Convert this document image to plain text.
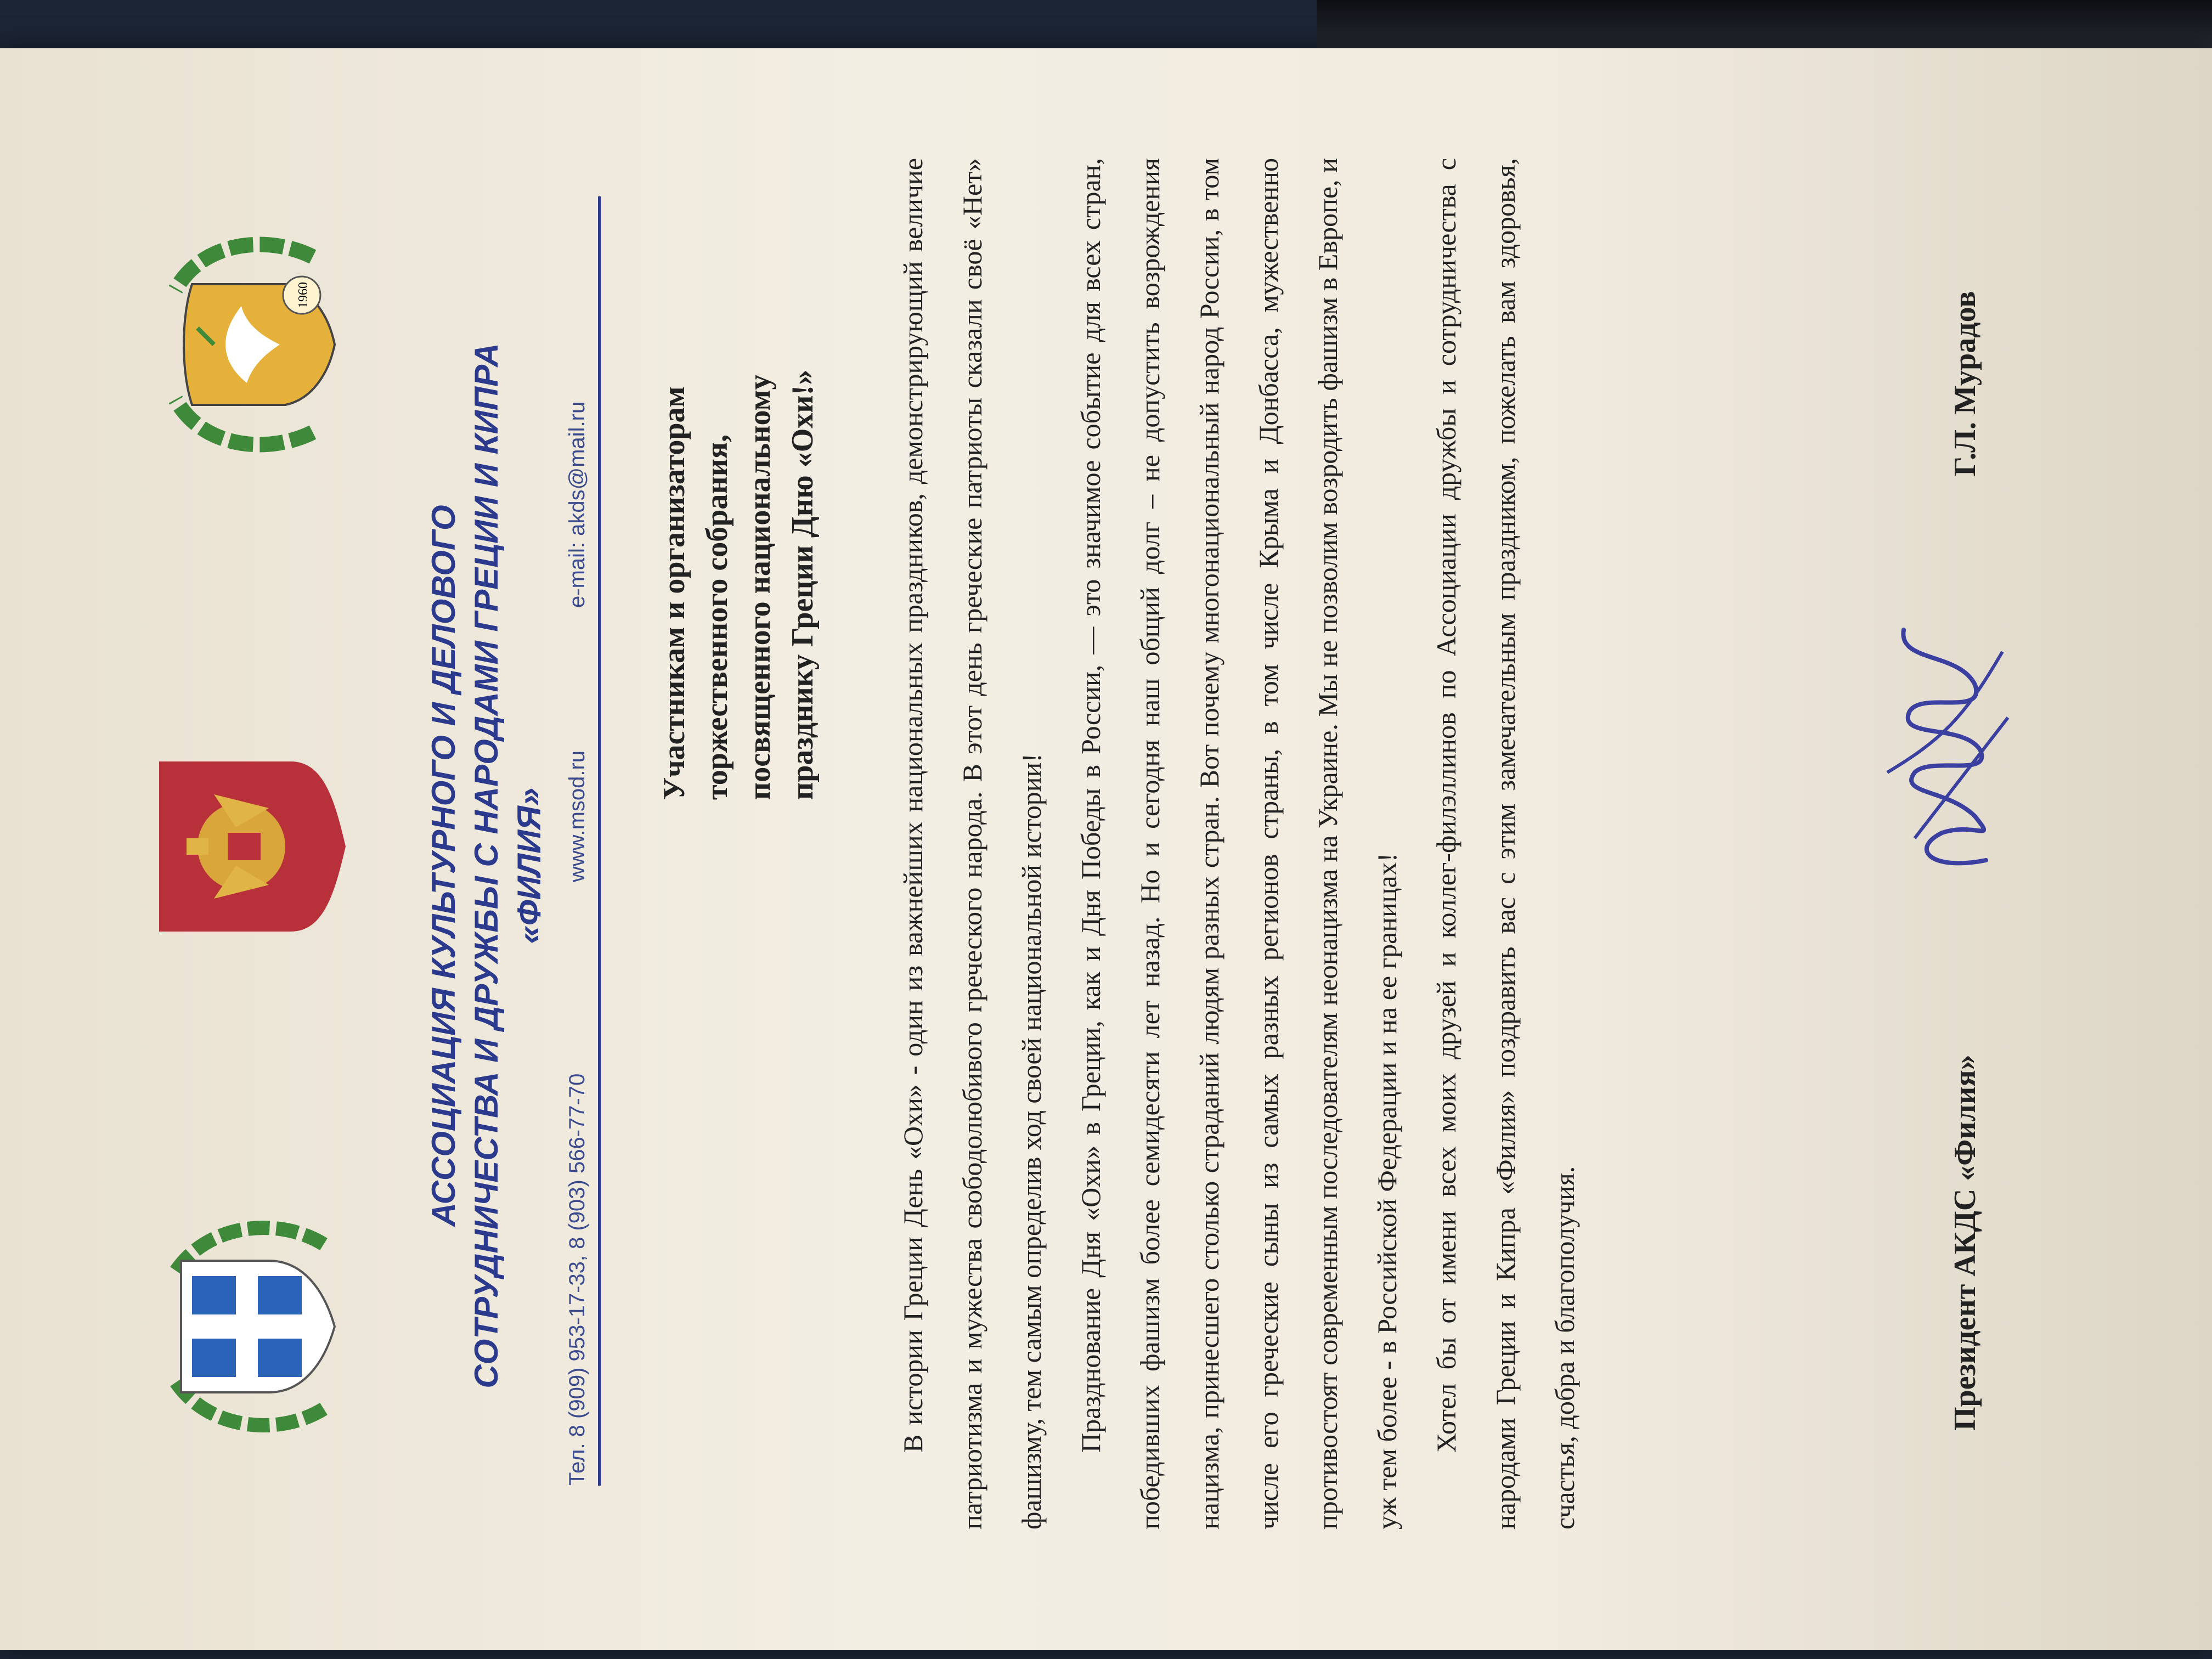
1960
АССОЦИАЦИЯ КУЛЬТУРНОГО И ДЕЛОВОГО СОТРУДНИЧЕСТВА И ДРУЖБЫ С НАРОДАМИ ГРЕЦИИ И КИПРА «ФИЛИЯ»
Тел. 8 (909) 953-17-33, 8 (903) 566-77-70
www.msod.ru
e-mail: akds@mail.ru Участникам и организаторам торжественного собрания, посвященного национальному празднику Греции Дню «Охи!»	В истории Греции День «Охи» - один из важнейших национальных праздников, демонстрирующий величие патриотизма и мужества свободолюбивого греческого народа. В этот день греческие патриоты сказали своё «Нет» фашизму, тем самым определив ход своей национальной истории!	Празднование Дня «Охи» в Греции, как и Дня Победы в России, — это значимое событие для всех стран, победивших фашизм более семидесяти лет назад. Но и сегодня наш общий долг – не допустить возрождения нацизма, принесшего столько страданий людям разных стран. Вот почему многонациональный народ России, в том числе его греческие сыны из самых разных регионов страны, в том числе Крыма и Донбасса, мужественно противостоят современным последователям неонацизма на Украине. Мы не позволим возродить фашизм в Европе, и уж тем более - в Российской Федерации и на ее границах!	Хотел бы от имени всех моих друзей и коллег-филэллинов по Ассоциации дружбы и сотрудничества с народами Греции и Кипра «Филия» поздравить вас с этим замечательным праздником, пожелать вам здоровья, счастья, добра и благополучия.	Президент АКДС «Филия»
Г.Л. Мурадов
